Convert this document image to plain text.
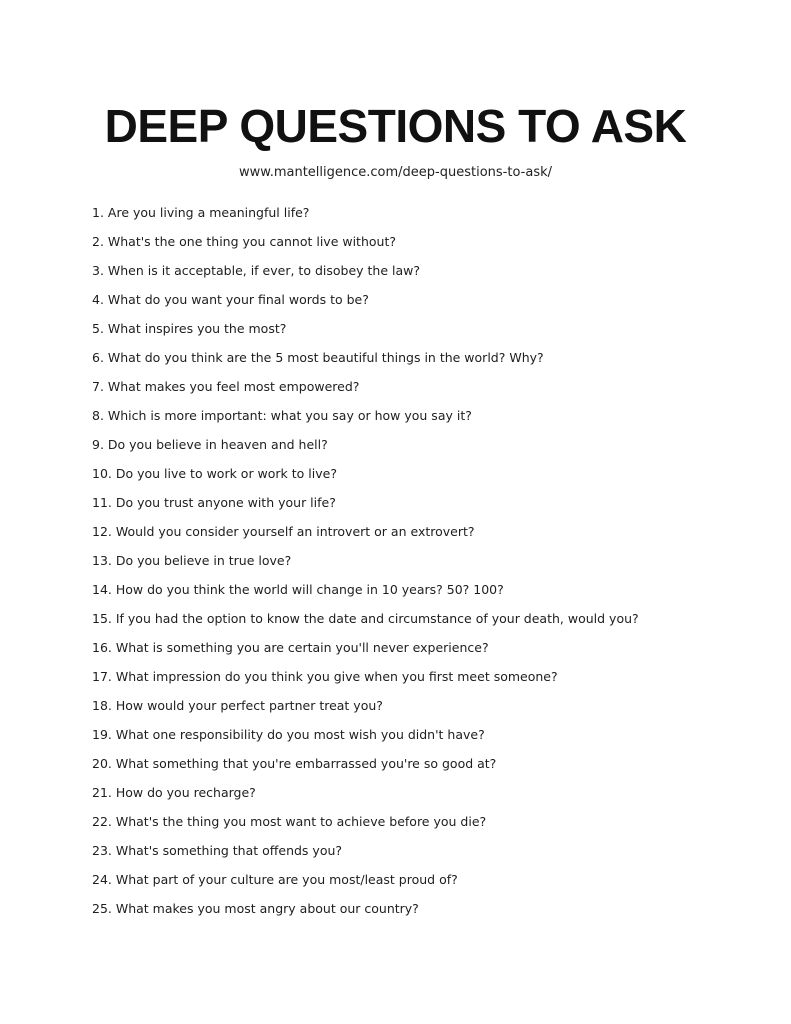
DEEP QUESTIONS TO ASK
www.mantelligence.com/deep-questions-to-ask/
1. Are you living a meaningful life?
2. What's the one thing you cannot live without?
3. When is it acceptable, if ever, to disobey the law?
4. What do you want your final words to be?
5. What inspires you the most?
6. What do you think are the 5 most beautiful things in the world? Why?
7. What makes you feel most empowered?
8. Which is more important: what you say or how you say it?
9. Do you believe in heaven and hell?
10. Do you live to work or work to live?
11. Do you trust anyone with your life?
12. Would you consider yourself an introvert or an extrovert?
13. Do you believe in true love?
14. How do you think the world will change in 10 years? 50? 100?
15. If you had the option to know the date and circumstance of your death, would you?
16. What is something you are certain you'll never experience?
17. What impression do you think you give when you first meet someone?
18. How would your perfect partner treat you?
19. What one responsibility do you most wish you didn't have?
20. What something that you're embarrassed you're so good at?
21. How do you recharge?
22. What's the thing you most want to achieve before you die?
23. What's something that offends you?
24. What part of your culture are you most/least proud of?
25. What makes you most angry about our country?
